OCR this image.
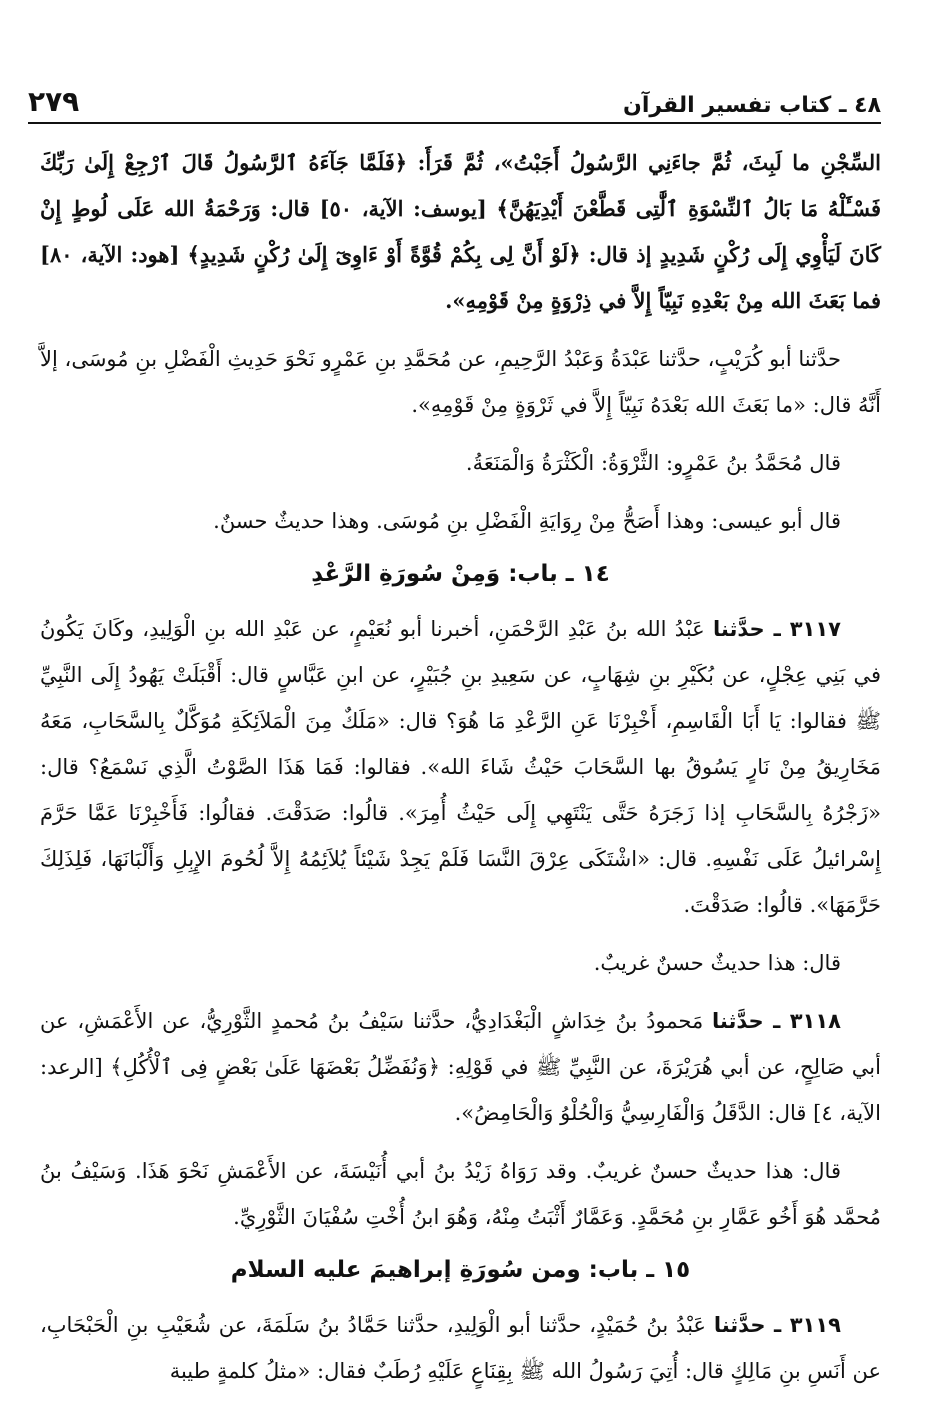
٤٨ ـ كتاب تفسير القرآن
٢٧٩

السِّجْنِ ما لَبِثَ، ثُمَّ جاءَنِي الرَّسُولُ أَجَبْتُ»، ثُمَّ قَرَأَ: ﴿فَلَمَّا جَآءَهُ ٱلرَّسُولُ قَالَ ٱرْجِعْ إِلَىٰ رَبِّكَ فَسْـَٔلْهُ مَا بَالُ ٱلنِّسْوَةِ ٱلَّٰتِى قَطَّعْنَ أَيْدِيَهُنَّ﴾ [يوسف: الآية، ٥٠] قال: وَرَحْمَةُ الله عَلَى لُوطٍ إِنْ كَانَ لَيَأْوِي إِلَى رُكْنٍ شَدِيدٍ إذ قال: ﴿لَوْ أَنَّ لِى بِكُمْ قُوَّةً أَوْ ءَاوِىٓ إِلَىٰ رُكْنٍ شَدِيدٍ﴾ [هود: الآية، ٨٠] فما بَعَثَ الله مِنْ بَعْدِهِ نَبِيّاً إِلاَّ في ذِرْوَةٍ مِنْ قَوْمِهِ».

حدَّثنا أبو كُرَيْبٍ، حدَّثنا عَبْدَةُ وَعَبْدُ الرَّحِيمِ، عن مُحَمَّدِ بنِ عَمْرٍو نَحْوَ حَدِيثِ الْفَضْلِ بنِ مُوسَى، إلاَّ أَنَّهُ قال: «ما بَعَثَ الله بَعْدَهُ نَبِيّاً إِلاَّ في ثَرْوَةٍ مِنْ قَوْمِهِ».

قال مُحَمَّدُ بنُ عَمْرٍو: الثَّرْوَةُ: الْكَثْرَةُ وَالْمَنَعَةُ.

قال أبو عيسى: وهذا أَصَحُّ مِنْ رِوَايَةِ الْفَضْلِ بنِ مُوسَى. وهذا حديثٌ حسنٌ.

١٤ ـ باب: وَمِنْ سُورَةِ الرَّعْدِ

٣١١٧ ـ حدَّثنا عَبْدُ الله بنُ عَبْدِ الرَّحْمَنِ، أخبرنا أبو نُعَيْمٍ، عن عَبْدِ الله بنِ الْوَلِيدِ، وكَانَ يَكُونُ في بَنِي عِجْلٍ، عن بُكَيْرِ بنِ شِهَابٍ، عن سَعِيدِ بنِ جُبَيْرٍ، عن ابنِ عَبَّاسٍ قال: أَقْبَلَتْ يَهُودُ إِلَى النَّبِيِّ ﷺ فقالوا: يَا أَبَا الْقَاسِمِ، أَخْبِرْنَا عَنِ الرَّعْدِ مَا هُوَ؟ قال: «مَلَكٌ مِنَ الْمَلاَئِكَةِ مُوَكَّلٌ بِالسَّحَابِ، مَعَهُ مَخَارِيقُ مِنْ نَارٍ يَسُوقُ بها السَّحَابَ حَيْثُ شَاءَ الله». فقالوا: فَمَا هَذَا الصَّوْتُ الَّذِي نَسْمَعُ؟ قال: «زَجْرُهُ بِالسَّحَابِ إذا زَجَرَهُ حَتَّى يَنْتَهِي إِلَى حَيْثُ أُمِرَ». قالُوا: صَدَقْتَ. فقالُوا: فَأَخْبِرْنَا عَمَّا حَرَّمَ إِسْرائيلُ عَلَى نَفْسِهِ. قال: «اشْتَكَى عِرْقَ النَّسَا فَلَمْ يَجِدْ شَيْئاً يُلاَئِمُهُ إِلاَّ لُحُومَ الإِبِلِ وَأَلْبَانَهَا، فَلِذَلِكَ حَرَّمَهَا». قالُوا: صَدَقْتَ.

قال: هذا حديثٌ حسنٌ غريبٌ.

٣١١٨ ـ حدَّثنا مَحمودُ بنُ خِدَاشٍ الْبَغْدَادِيُّ، حدَّثنا سَيْفُ بنُ مُحمدٍ الثَّوْرِيُّ، عن الأَعْمَشِ، عن أبي صَالِحٍ، عن أبي هُرَيْرَةَ، عن النَّبِيِّ ﷺ في قَوْلِهِ: ﴿وَنُفَضِّلُ بَعْضَهَا عَلَىٰ بَعْضٍ فِى ٱلْأُكُلِ﴾ [الرعد: الآية، ٤] قال: الدَّقَلُ وَالْفَارِسِيُّ وَالْحُلْوُ وَالْحَامِضُ».

قال: هذا حديثٌ حسنٌ غريبٌ. وقد رَوَاهُ زَيْدُ بنُ أبي أُنَيْسَةَ، عن الأَعْمَشِ نَحْوَ هَذَا. وَسَيْفُ بنُ مُحمَّد هُوَ أَخُو عَمَّارِ بنِ مُحَمَّدٍ. وَعَمَّارٌ أَثْبَتُ مِنْهُ، وَهُوَ ابنُ أُخْتِ سُفْيَانَ الثَّوْرِيِّ.

١٥ ـ باب: ومن سُورَةِ إبراهيمَ عليه السلام

٣١١٩ ـ حدَّثنا عَبْدُ بنُ حُمَيْدٍ، حدَّثنا أبو الْوَلِيدِ، حدَّثنا حَمَّادُ بنُ سَلَمَةَ، عن شُعَيْبِ بنِ الْحَبْحَابِ، عن أَنَسِ بنِ مَالِكٍ قال: أُتِيَ رَسُولُ الله ﷺ بِقِنَاعٍ عَلَيْهِ رُطَبٌ فقال: «مثلُ كلمةٍ طيبة
